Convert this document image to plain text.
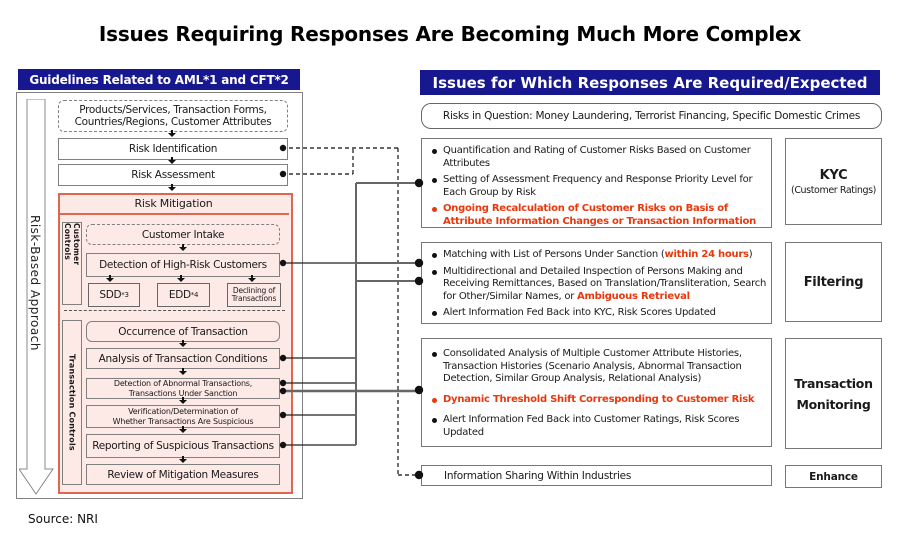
Issues Requiring Responses Are Becoming Much More Complex
Guidelines Related to AML*1 and CFT*2
Risk-Based Approach
Products/Services, Transaction Forms,
Countries/Regions, Customer Attributes
Risk Identification
Risk Assessment
Risk Mitigation
Customer Controls	Customer Intake
Detection of High-Risk Customers
SDD *3	EDD *4
Declining of
Transactions
Transaction Controls
Occurrence of Transaction
Analysis of Transaction Conditions
Detection of Abnormal Transactions,
Transactions Under Sanction
Verification/Determination of
Whether Transactions Are Suspicious
Reporting of Suspicious Transactions
Review of Mitigation Measures
Issues for Which Responses Are Required/Expected
Risks in Question: Money Laundering, Terrorist Financing, Specific Domestic Crimes
Quantification and Rating of Customer Risks Based on Customer Attributes
Setting of Assessment Frequency and Response Priority Level for Each Group by Risk
Ongoing Recalculation of Customer Risks on Basis of Attribute Information Changes or Transaction Information
KYC
(Customer Ratings)
Matching with List of Persons Under Sanction (within 24 hours)
Multidirectional and Detailed Inspection of Persons Making and Receiving Remittances, Based on Translation/Transliteration, Search for Other/Similar Names, or Ambiguous Retrieval
Alert Information Fed Back into KYC, Risk Scores Updated
Filtering
Consolidated Analysis of Multiple Customer Attribute Histories, Transaction Histories (Scenario Analysis, Abnormal Transaction Detection, Similar Group Analysis, Relational Analysis)
Dynamic Threshold Shift Corresponding to Customer Risk
Alert Information Fed Back into Customer Ratings, Risk Scores Updated
Transaction Monitoring
Information Sharing Within Industries	Enhance
Source: NRI
